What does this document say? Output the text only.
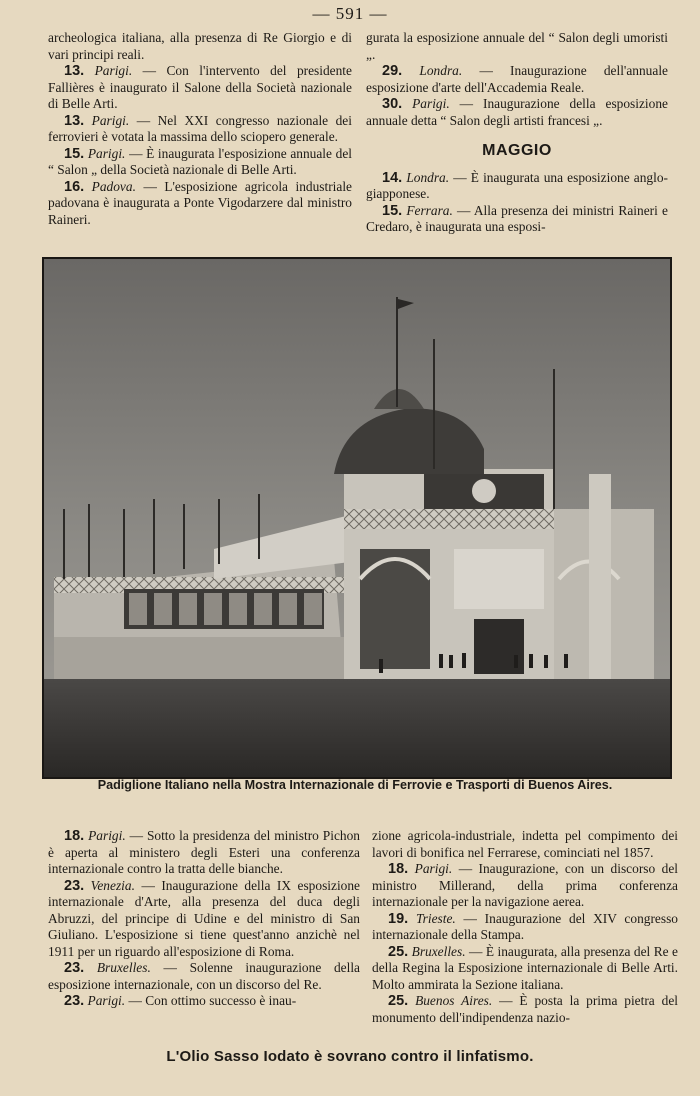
— 591 —

archeologica italiana, alla presenza di Re Giorgio e di vari principi reali.

13. Parigi. — Con l'intervento del presidente Fallières è inaugurato il Salone della Società nazionale di Belle Arti.

13. Parigi. — Nel XXI congresso nazionale dei ferrovieri è votata la massima dello sciopero generale.

15. Parigi. — È inaugurata l'esposizione annuale del “ Salon „ della Società nazionale di Belle Arti.

16. Padova. — L'esposizione agricola industriale padovana è inaugurata a Ponte Vigodarzere dal ministro Raineri.

gurata la esposizione annuale del “ Salon degli umoristi „.

29. Londra. — Inaugurazione dell'annuale esposizione d'arte dell'Accademia Reale.

30. Parigi. — Inaugurazione della esposizione annuale detta “ Salon degli artisti francesi „.

MAGGIO

14. Londra. — È inaugurata una esposizione anglo-giapponese.

15. Ferrara. — Alla presenza dei ministri Raineri e Credaro, è inaugurata una esposi-

Padiglione Italiano nella Mostra Internazionale di Ferrovie e Trasporti di Buenos Aires.

18. Parigi. — Sotto la presidenza del ministro Pichon è aperta al ministero degli Esteri una conferenza internazionale contro la tratta delle bianche.

23. Venezia. — Inaugurazione della IX esposizione internazionale d'Arte, alla presenza del duca degli Abruzzi, del principe di Udine e del ministro di San Giuliano. L'esposizione si tiene quest'anno anzichè nel 1911 per un riguardo all'esposizione di Roma.

23. Bruxelles. — Solenne inaugurazione della esposizione internazionale, con un discorso del Re.

23. Parigi. — Con ottimo successo è inau-

zione agricola-industriale, indetta pel compimento dei lavori di bonifica nel Ferrarese, cominciati nel 1857.

18. Parigi. — Inaugurazione, con un discorso del ministro Millerand, della prima conferenza internazionale per la navigazione aerea.

19. Trieste. — Inaugurazione del XIV congresso internazionale della Stampa.

25. Bruxelles. — È inaugurata, alla presenza del Re e della Regina la Esposizione internazionale di Belle Arti. Molto ammirata la Sezione italiana.

25. Buenos Aires. — È posta la prima pietra del monumento dell'indipendenza nazio-

L'Olio Sasso Iodato è sovrano contro il linfatismo.
